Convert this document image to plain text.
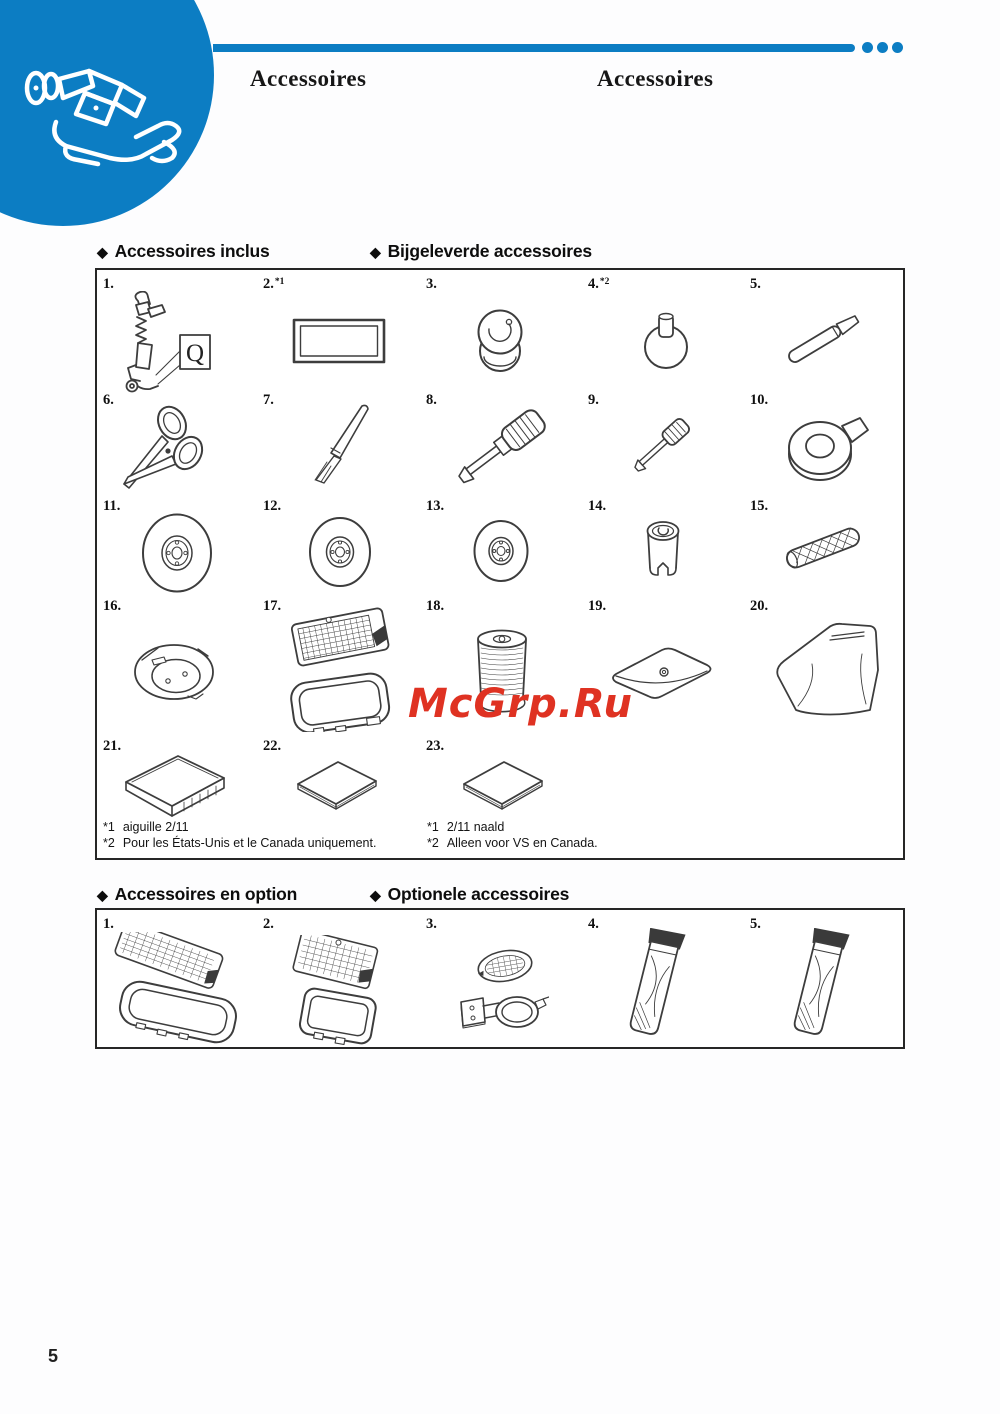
Accessoires	Accessoires
◆ Accessoires inclus	◆ Bijgeleverde accessoires
1.	2.$^{*1}$	3.	4.$^{*2}$	5.
6.	7.	8.	9.	10.
11.	12.	13.	14.	15.
16.	17.	18.	19.	20.
21.	22.	23.
Q
*1 aiguille 2/11
*2 Pour les États-Unis et le Canada uniquement.
*1 2/11 naald
*2 Alleen voor VS en Canada.
McGrp.Ru
◆ Accessoires en option	◆ Optionele accessoires
1.	2.	3.	4.	5.
5
